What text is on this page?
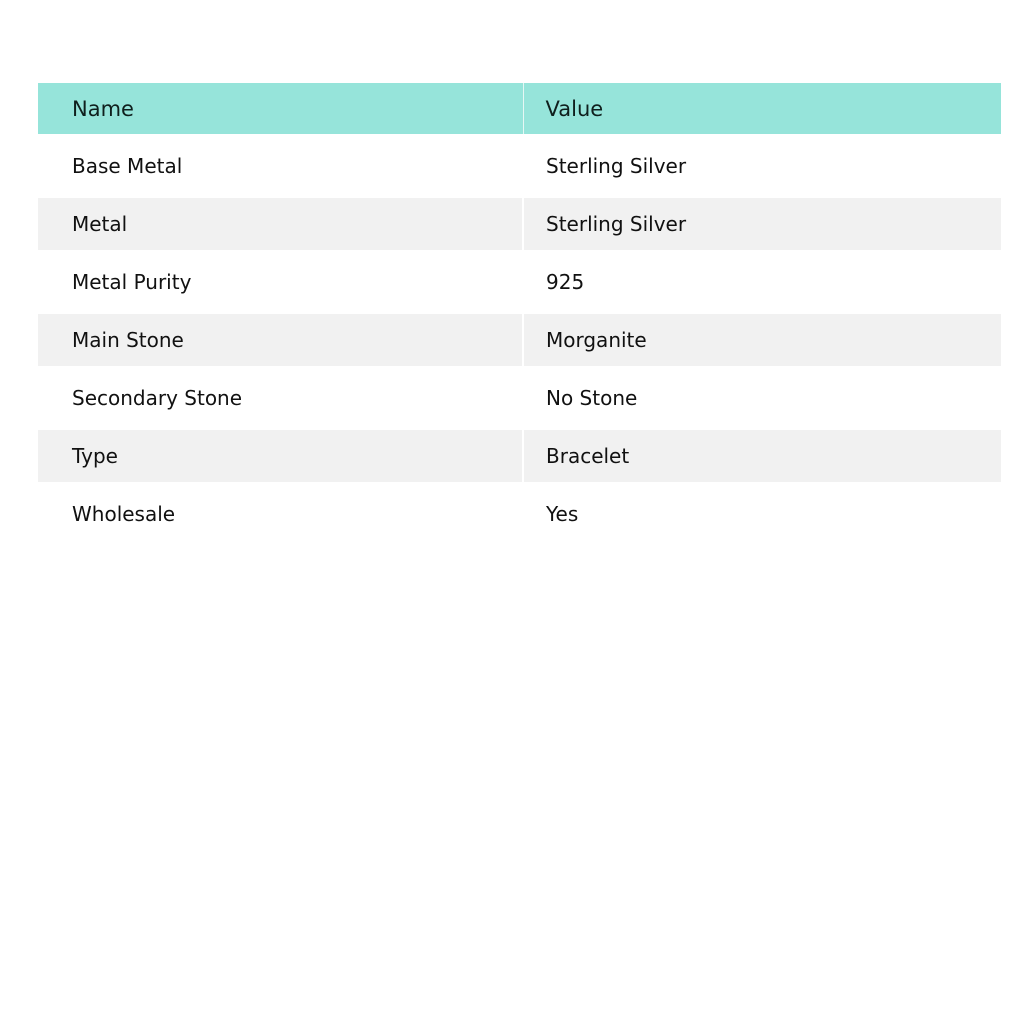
Name	Value
Base Metal	Sterling Silver
Metal	Sterling Silver
Metal Purity	925
Main Stone	Morganite
Secondary Stone	No Stone
Type	Bracelet
Wholesale	Yes
